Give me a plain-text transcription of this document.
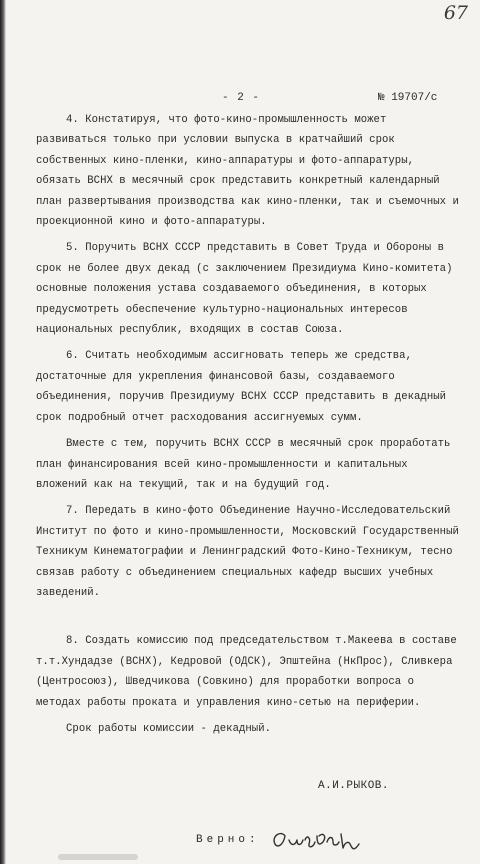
67
- 2 -	№ 19707/с

4. Констатируя, что фото-кино-промышленность может развиваться только при условии выпуска в кратчайший срок собственных кино-пленки, кино-аппаратуры и фото-аппаратуры, обязать ВСНХ в месячный срок представить конкретный календарный план развертывания производства как кино-пленки, так и съемочных и проекционной кино и фото-аппаратуры.

5. Поручить ВСНХ СССР представить в Совет Труда и Обороны в срок не более двух декад (с заключением Президиума Кино-комитета) основные положения устава создаваемого объединения, в которых предусмотреть обеспечение культурно-национальных интересов национальных республик, входящих в состав Союза.

6. Считать необходимым ассигновать теперь же средства, достаточные для укрепления финансовой базы, создаваемого объединения, поручив Президиуму ВСНХ СССР представить в декадный срок подробный отчет расходования ассигнуемых сумм.

Вместе с тем, поручить ВСНХ СССР в месячный срок проработать план финансирования всей кино-промышленности и капитальных вложений как на текущий, так и на будущий год.

7. Передать в кино-фото Объединение Научно-Исследовательский Институт по фото и кино-промышленности, Московский Государственный Техникум Кинематографии и Ленинградский Фото-Кино-Техникум, тесно связав работу с объединением специальных кафедр высших учебных заведений.

8. Создать комиссию под председательством т.Макеева в составе т.т.Хундадзе (ВСНХ), Кедровой (ОДСК), Эпштейна (НкПрос), Сливкера (Центросоюз), Шведчикова (Совкино) для проработки вопроса о методах работы проката и управления кино-сетью на периферии.

Срок работы комиссии - декадный.

А.И.РЫКОВ.
Верно:
